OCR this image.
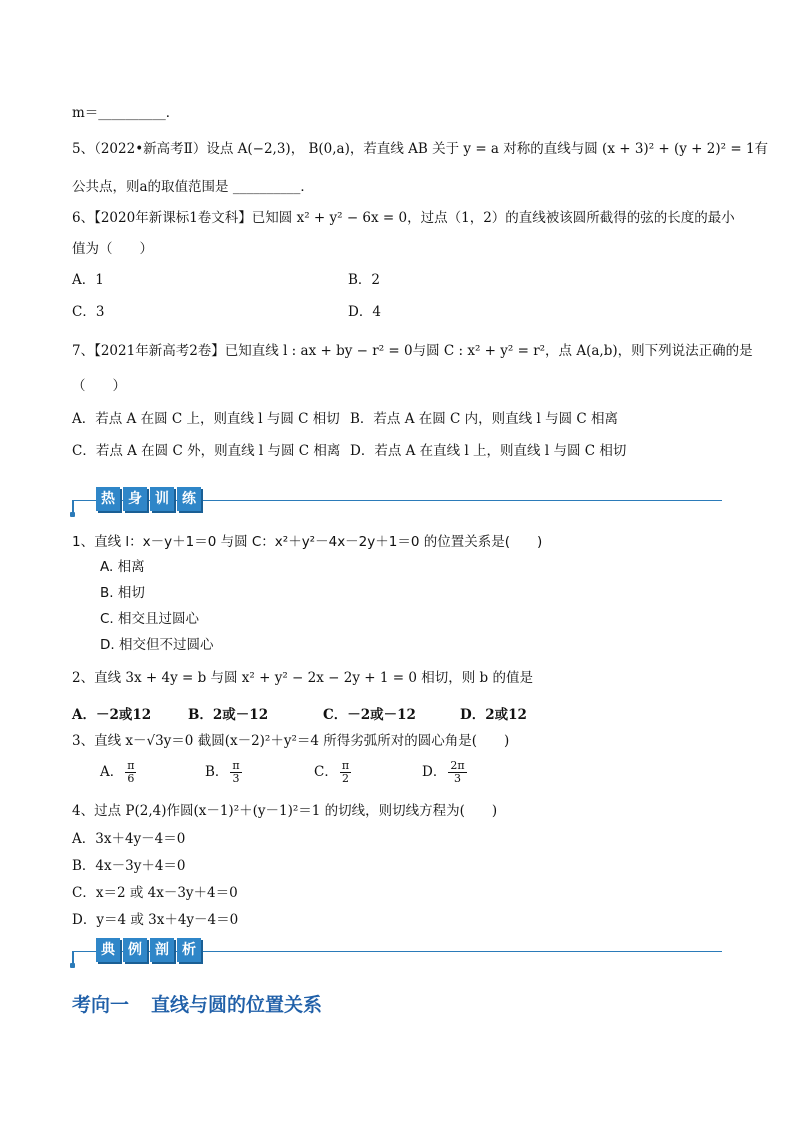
m＝__________．
5、（2022•新高考Ⅱ）设点 A(−2,3)， B(0,a)，若直线 AB 关于 y = a 对称的直线与圆 (x + 3)² + (y + 2)² = 1有
公共点，则a的取值范围是 __________．
6、【2020年新课标1卷文科】已知圆 x² + y² − 6x = 0，过点（1，2）的直线被该圆所截得的弦的长度的最小
值为（　　）
A．1	B．2
C．3	D．4
7、【2021年新高考2卷】已知直线 l : ax + by − r² = 0与圆 C : x² + y² = r²，点 A(a,b)，则下列说法正确的是
（　　）
A．若点 A 在圆 C 上，则直线 l 与圆 C 相切 B．若点 A 在圆 C 内，则直线 l 与圆 C 相离
C．若点 A 在圆 C 外，则直线 l 与圆 C 相离 D．若点 A 在直线 l 上，则直线 l 与圆 C 相切
热 身 训 练
1、直线 l：x－y＋1＝0 与圆 C：x²＋y²－4x－2y＋1＝0 的位置关系是(　　)
A. 相离
B. 相切
C. 相交且过圆心
D. 相交但不过圆心
2、直线 3x + 4y = b 与圆 x² + y² − 2x − 2y + 1 = 0 相切，则 b 的值是
A．－2或12	B．2或－12	C．－2或－12	D．2或12
3、直线 x－√3y＝0 截圆(x－2)²＋y²＝4 所得劣弧所对的圆心角是(　　)
A． $\frac{\pi}{6}$	B． $\frac{\pi}{3}$	C． $\frac{\pi}{2}$	D． $\frac{2\pi}{3}$
4、过点 P(2,4)作圆(x－1)²＋(y－1)²＝1 的切线，则切线方程为(　　)
A．3x＋4y－4＝0
B．4x－3y＋4＝0
C．x＝2 或 4x－3y＋4＝0
D．y＝4 或 3x＋4y－4＝0
典 例 剖 析
考向一 直线与圆的位置关系
